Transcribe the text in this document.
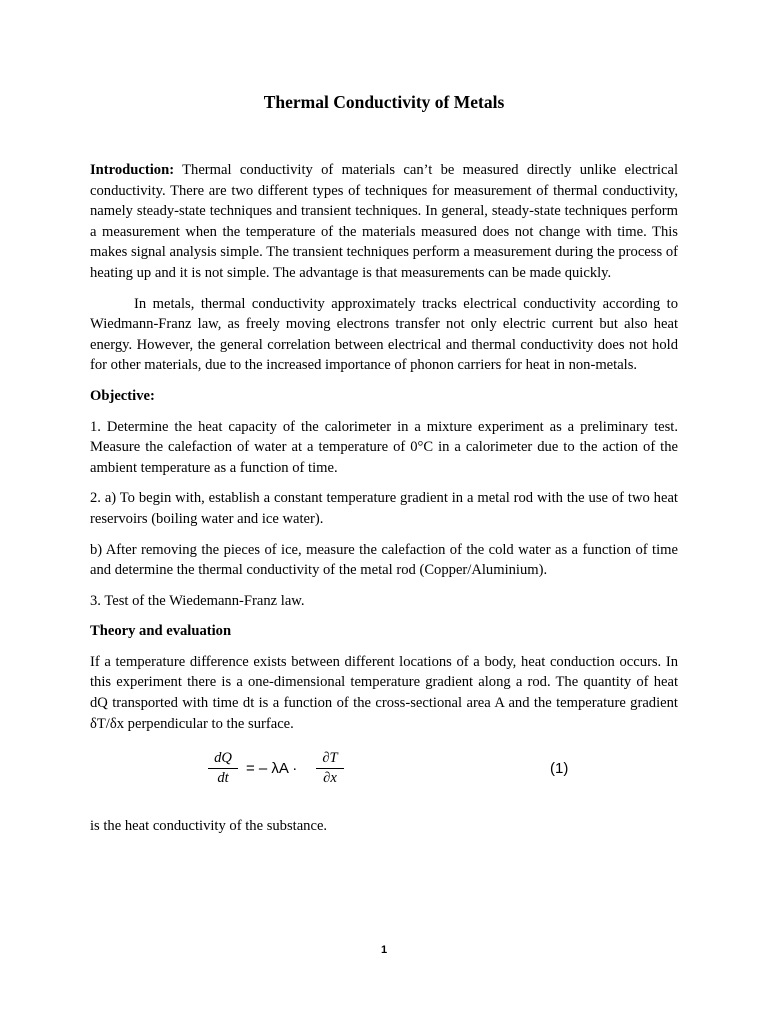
Thermal Conductivity of Metals

Introduction: Thermal conductivity of materials can’t be measured directly unlike electrical conductivity. There are two different types of techniques for measurement of thermal conductivity, namely steady-state techniques and transient techniques. In general, steady-state techniques perform a measurement when the temperature of the materials measured does not change with time. This makes signal analysis simple. The transient techniques perform a measurement during the process of heating up and it is not simple. The advantage is that measurements can be made quickly.

In metals, thermal conductivity approximately tracks electrical conductivity according to Wiedmann-Franz law, as freely moving electrons transfer not only electric current but also heat energy. However, the general correlation between electrical and thermal conductivity does not hold for other materials, due to the increased importance of phonon carriers for heat in non-metals.

Objective:

1. Determine the heat capacity of the calorimeter in a mixture experiment as a preliminary test. Measure the calefaction of water at a temperature of 0°C in a calorimeter due to the action of the ambient temperature as a function of time.

2. a) To begin with, establish a constant temperature gradient in a metal rod with the use of two heat reservoirs (boiling water and ice water).

b) After removing the pieces of ice, measure the calefaction of the cold water as a function of time and determine the thermal conductivity of the metal rod (Copper/Aluminium).

3. Test of the Wiedemann-Franz law.

Theory and evaluation

If a temperature difference exists between different locations of a body, heat conduction occurs. In this experiment there is a one-dimensional temperature gradient along a rod. The quantity of heat dQ transported with time dt is a function of the cross-sectional area A and the temperature gradient δT/δx perpendicular to the surface.

dQ
dt
= – λA ·
∂T
∂x
(1)

is the heat conductivity of the substance.

1
